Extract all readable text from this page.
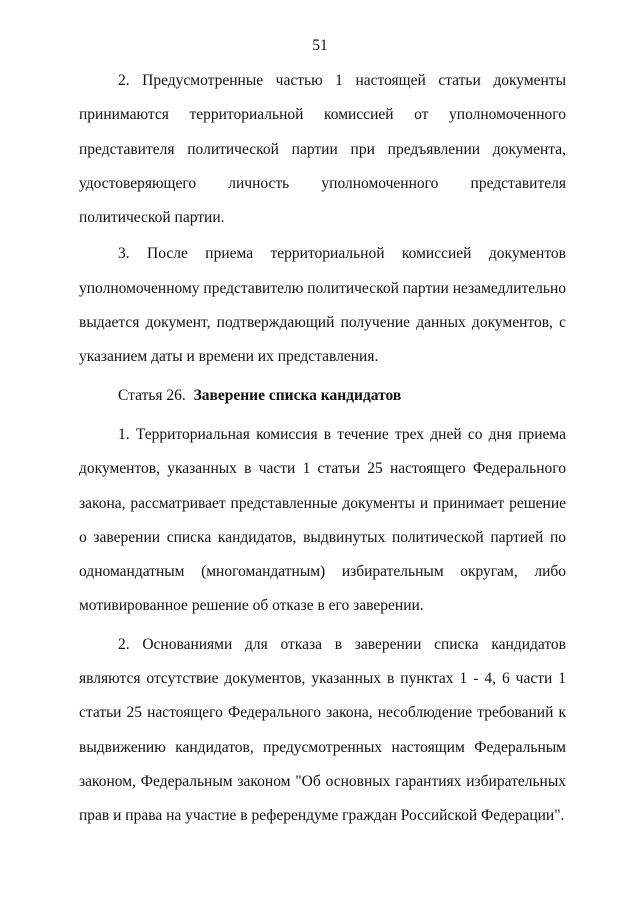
51

2. Предусмотренные частью 1 настоящей статьи документы принимаются территориальной комиссией от уполномоченного представителя политической партии при предъявлении документа, удостоверяющего личность уполномоченного представителя политической партии.

3. После приема территориальной комиссией документов уполномоченному представителю политической партии незамедлительно выдается документ, подтверждающий получение данных документов, с указанием даты и времени их представления.

Статья 26. Заверение списка кандидатов

1. Территориальная комиссия в течение трех дней со дня приема документов, указанных в части 1 статьи 25 настоящего Федерального закона, рассматривает представленные документы и принимает решение о заверении списка кандидатов, выдвинутых политической партией по одномандатным (многомандатным) избирательным округам, либо мотивированное решение об отказе в его заверении.

2. Основаниями для отказа в заверении списка кандидатов являются отсутствие документов, указанных в пунктах 1 - 4, 6 части 1 статьи 25 настоящего Федерального закона, несоблюдение требований к выдвижению кандидатов, предусмотренных настоящим Федеральным законом, Федеральным законом "Об основных гарантиях избирательных прав и права на участие в референдуме граждан Российской Федерации".
